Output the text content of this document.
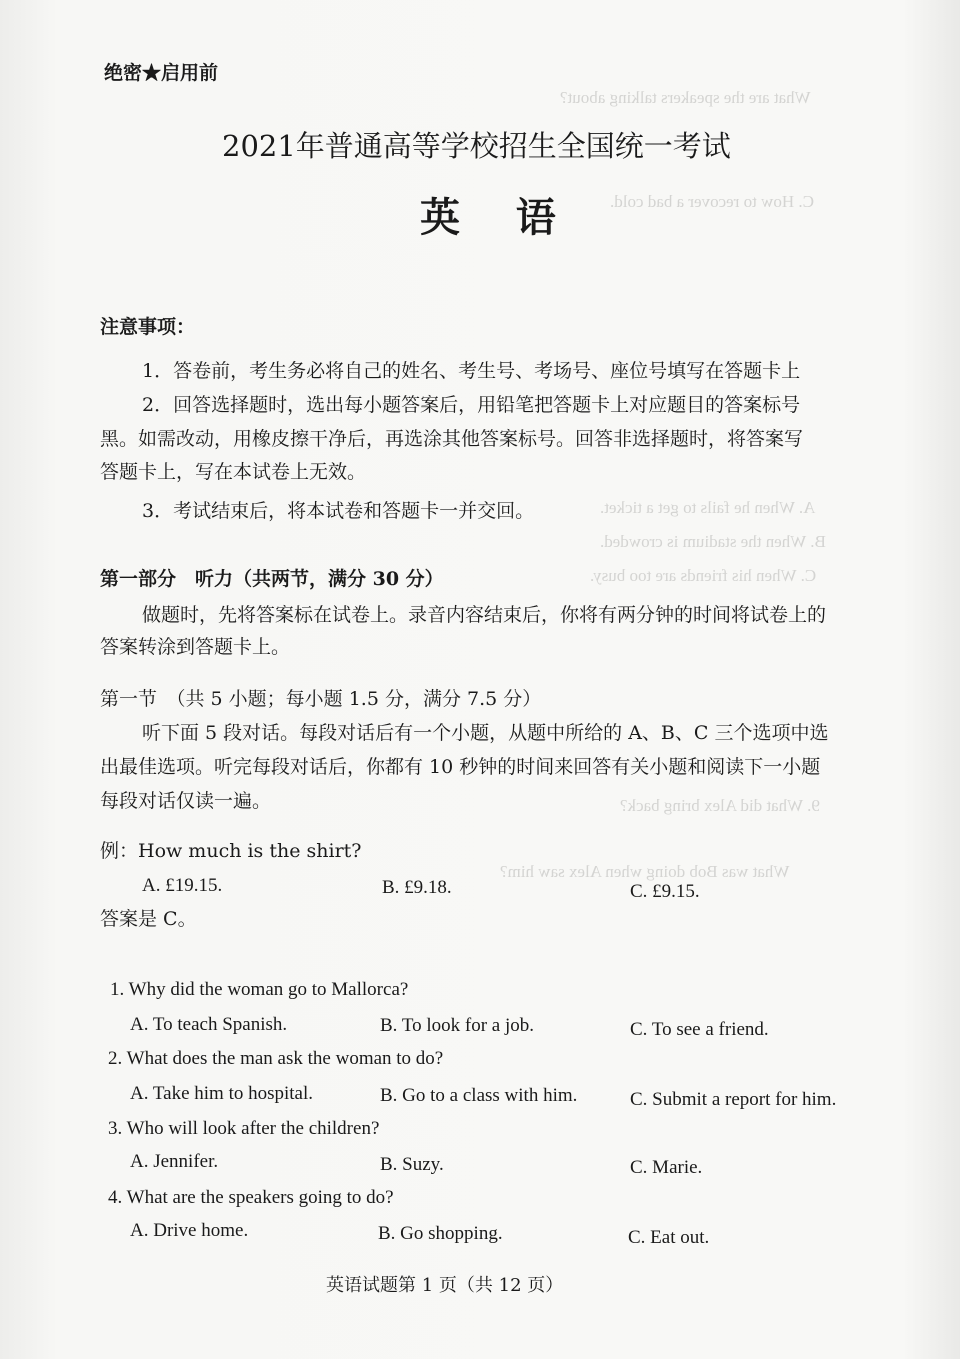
What are the speakers talking about?
C. How to recover a bad cold.
A. When he fails to get a ticket.
B. When the stadium is crowded.
C. When his friends are too busy.
9. What did Alex bring back?
What was Bob doing when Alex saw him?
绝密★启用前
2021年普通高等学校招生全国统一考试
英    语
注意事项：
1．答卷前，考生务必将自己的姓名、考生号、考场号、座位号填写在答题卡上
2．回答选择题时，选出每小题答案后，用铅笔把答题卡上对应题目的答案标号
黑。如需改动，用橡皮擦干净后，再选涂其他答案标号。回答非选择题时，将答案写
答题卡上，写在本试卷上无效。
3．考试结束后，将本试卷和答题卡一并交回。
第一部分　听力（共两节，满分 30 分）
做题时，先将答案标在试卷上。录音内容结束后，你将有两分钟的时间将试卷上的
答案转涂到答题卡上。
第一节　（共 5 小题；每小题 1.5 分，满分 7.5 分）
听下面 5 段对话。每段对话后有一个小题，从题中所给的 A、B、C 三个选项中选
出最佳选项。听完每段对话后，你都有 10 秒钟的时间来回答有关小题和阅读下一小题
每段对话仅读一遍。
例：How much is the shirt?
A. £19.15.	B. £9.18.	C. £9.15.
答案是 C。
1. Why did the woman go to Mallorca?
A. To teach Spanish.	B. To look for a job.	C. To see a friend.
2. What does the man ask the woman to do?
A. Take him to hospital.	B. Go to a class with him.	C. Submit a report for him.
3. Who will look after the children?
A. Jennifer.	B. Suzy.	C. Marie.
4. What are the speakers going to do?
A. Drive home.	B. Go shopping.	C. Eat out.
英语试题第 1 页（共 12 页）
